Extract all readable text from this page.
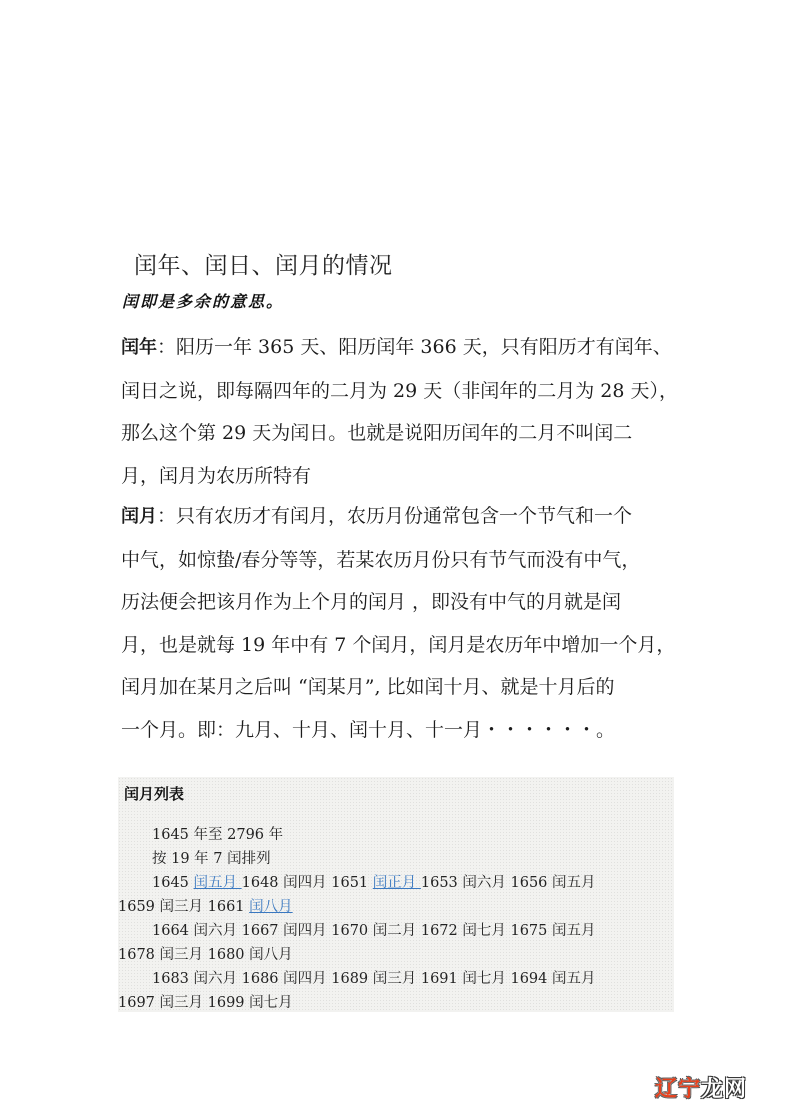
闰年、闰日、闰月的情况
闰即是多余的意思。
闰年：阳历一年 365 天、阳历闰年 366 天，只有阳历才有闰年、
闰日之说，即每隔四年的二月为 29 天（非闰年的二月为 28 天），
那么这个第 29 天为闰日。也就是说阳历闰年的二月不叫闰二
月，闰月为农历所特有
闰月：只有农历才有闰月，农历月份通常包含一个节气和一个
中气，如惊蛰/春分等等，若某农历月份只有节气而没有中气，
历法便会把该月作为上个月的闰月 ，即没有中气的月就是闰
月，也是就每 19 年中有 7 个闰月，闰月是农历年中增加一个月，
闰月加在某月之后叫 “闰某月”, 比如闰十月、就是十月后的
一个月。即：九月、十月、闰十月、十一月・・・・・・。
闰月列表
1645 年至 2796 年
按 19 年 7 闰排列
1645 闰五月 1648 闰四月 1651 闰正月 1653 闰六月 1656 闰五月
1659 闰三月 1661 闰八月
1664 闰六月 1667 闰四月 1670 闰二月 1672 闰七月 1675 闰五月
1678 闰三月 1680 闰八月
1683 闰六月 1686 闰四月 1689 闰三月 1691 闰七月 1694 闰五月
1697 闰三月 1699 闰七月
辽宁龙网
